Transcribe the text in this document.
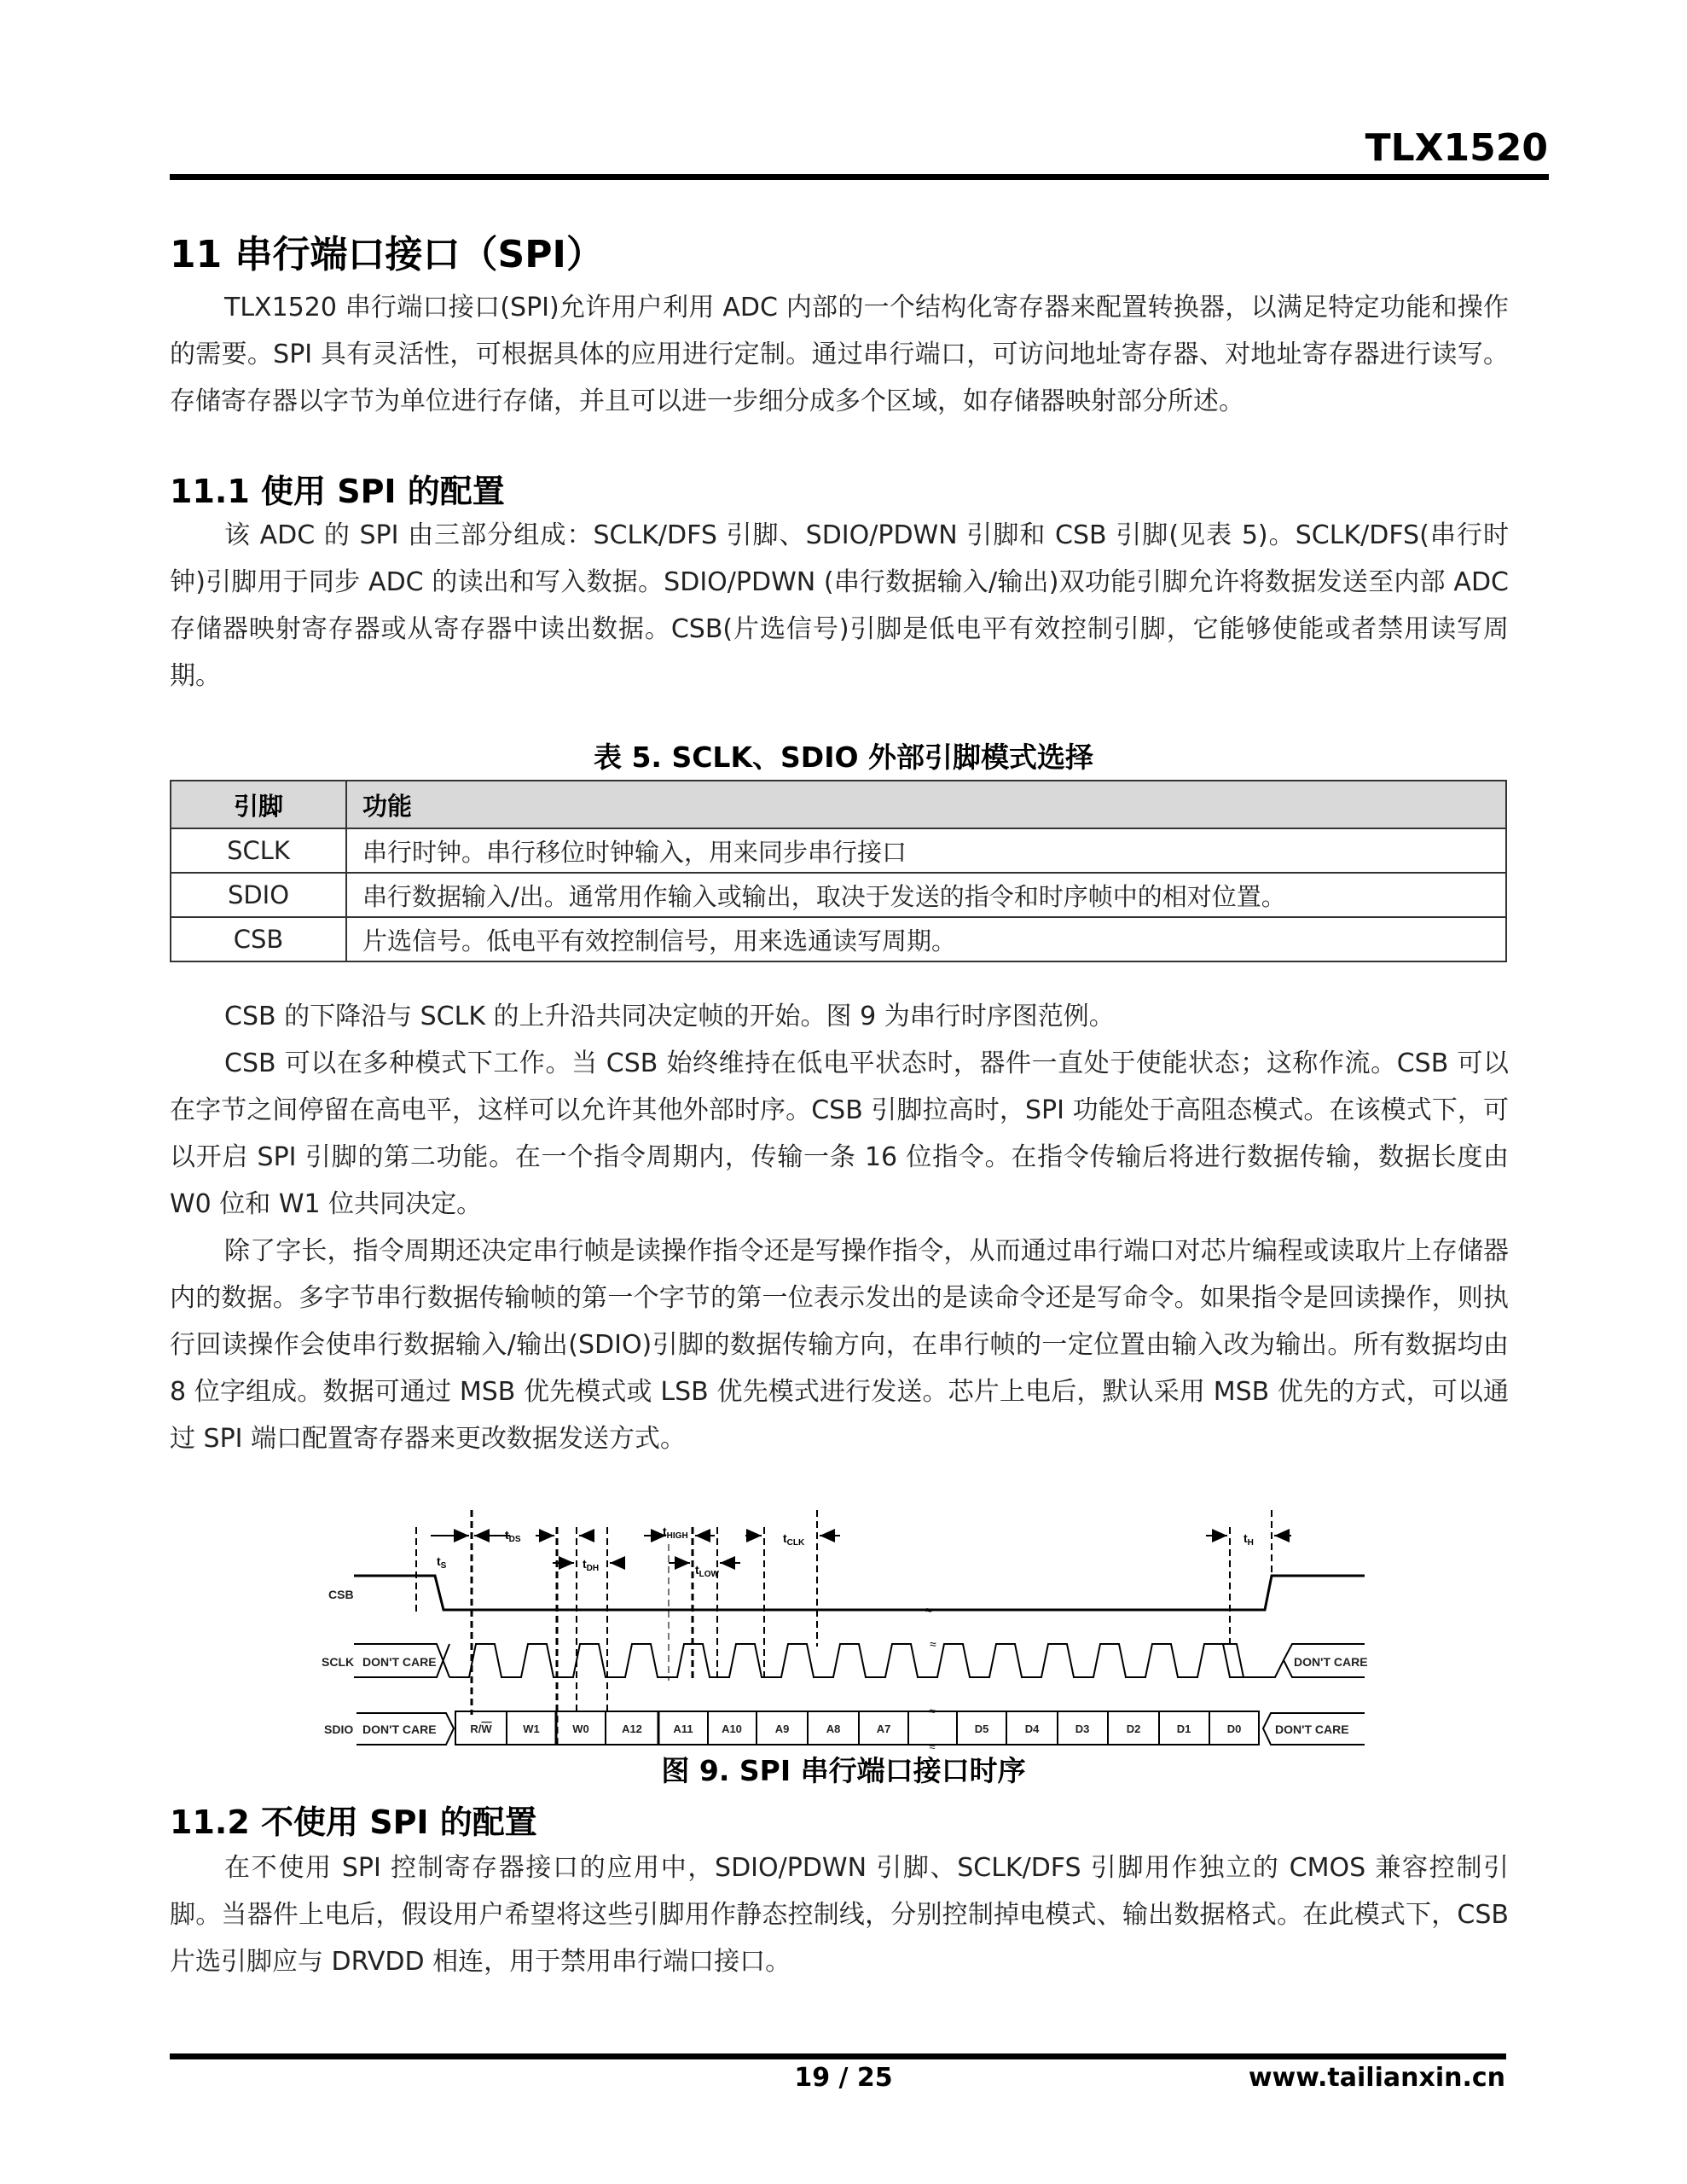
TLX1520
11 串行端口接口（SPI）
TLX1520 串行端口接口(SPI)允许用户利用 ADC 内部的一个结构化寄存器来配置转换器，以满足特定功能和操作的需要。SPI 具有灵活性，可根据具体的应用进行定制。通过串行端口，可访问地址寄存器、对地址寄存器进行读写。存储寄存器以字节为单位进行存储，并且可以进一步细分成多个区域，如存储器映射部分所述。
11.1 使用 SPI 的配置
该 ADC 的 SPI 由三部分组成：SCLK/DFS 引脚、SDIO/PDWN 引脚和 CSB 引脚(见表 5)。SCLK/DFS(串行时钟)引脚用于同步 ADC 的读出和写入数据。SDIO/PDWN (串行数据输入/输出)双功能引脚允许将数据发送至内部 ADC 存储器映射寄存器或从寄存器中读出数据。CSB(片选信号)引脚是低电平有效控制引脚，它能够使能或者禁用读写周期。
表 5. SCLK、SDIO 外部引脚模式选择
引脚	功能
SCLK	串行时钟。串行移位时钟输入，用来同步串行接口
SDIO	串行数据输入/出。通常用作输入或输出，取决于发送的指令和时序帧中的相对位置。
CSB	片选信号。低电平有效控制信号，用来选通读写周期。
CSB 的下降沿与 SCLK 的上升沿共同决定帧的开始。图 9 为串行时序图范例。
CSB 可以在多种模式下工作。当 CSB 始终维持在低电平状态时，器件一直处于使能状态；这称作流。CSB 可以在字节之间停留在高电平，这样可以允许其他外部时序。CSB 引脚拉高时，SPI 功能处于高阻态模式。在该模式下，可以开启 SPI 引脚的第二功能。在一个指令周期内，传输一条 16 位指令。在指令传输后将进行数据传输，数据长度由 W0 位和 W1 位共同决定。
除了字长，指令周期还决定串行帧是读操作指令还是写操作指令，从而通过串行端口对芯片编程或读取片上存储器内的数据。多字节串行数据传输帧的第一个字节的第一位表示发出的是读命令还是写命令。如果指令是回读操作，则执行回读操作会使串行数据输入/输出(SDIO)引脚的数据传输方向，在串行帧的一定位置由输入改为输出。所有数据均由 8 位字组成。数据可通过 MSB 优先模式或 LSB 优先模式进行发送。芯片上电后，默认采用 MSB 优先的方式，可以通过 SPI 端口配置寄存器来更改数据发送方式。
$t_S$
$t_{DS}$
$t_{DH}$
$t_{HIGH}$
$t_{LOW}$
$t_{CLK}$	$t_H$
CSB
≈
SCLK DON'T CARE	DON'T CARE
≈
SDIO DON'T CARE	R/W	W1	W0	A12	A11	A10	A9	A8	A7
≈
≈
D5	D4	D3	D2	D1	D0	DON'T CARE
图 9. SPI 串行端口接口时序
11.2 不使用 SPI 的配置
在不使用 SPI 控制寄存器接口的应用中，SDIO/PDWN 引脚、SCLK/DFS 引脚用作独立的 CMOS 兼容控制引脚。当器件上电后，假设用户希望将这些引脚用作静态控制线，分别控制掉电模式、输出数据格式。在此模式下，CSB 片选引脚应与 DRVDD 相连，用于禁用串行端口接口。
19 / 25	www.tailianxin.cn
